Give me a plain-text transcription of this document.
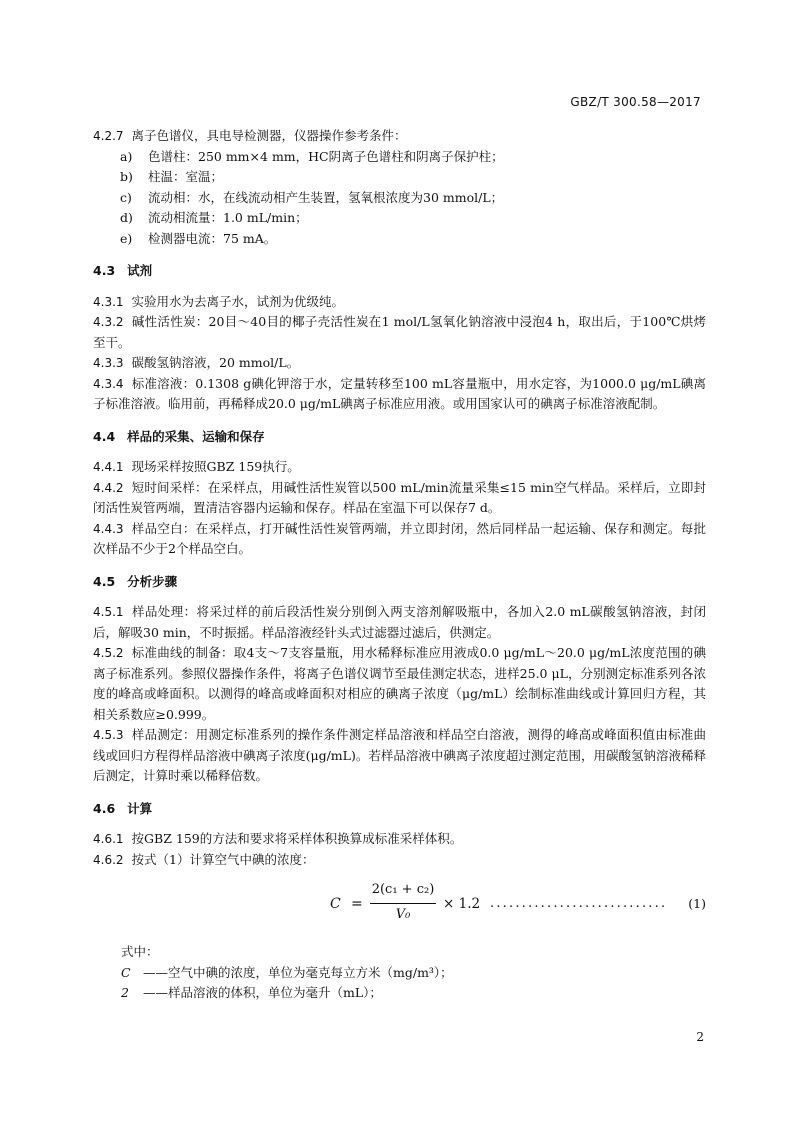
GBZ/T 300.58—2017

4.2.7 离子色谱仪，具电导检测器，仪器操作参考条件：

a) 色谱柱：250 mm×4 mm，HC阴离子色谱柱和阴离子保护柱；

b) 柱温：室温；

c) 流动相：水，在线流动相产生装置，氢氧根浓度为30 mmol/L；

d) 流动相流量：1.0 mL/min；

e) 检测器电流：75 mA。

4.3 试剂

4.3.1 实验用水为去离子水，试剂为优级纯。

4.3.2 碱性活性炭：20目～40目的椰子壳活性炭在1 mol/L氢氧化钠溶液中浸泡4 h，取出后，于100℃烘烤至干。

4.3.3 碳酸氢钠溶液，20 mmol/L。

4.3.4 标准溶液：0.1308 g碘化钾溶于水，定量转移至100 mL容量瓶中，用水定容，为1000.0 μg/mL碘离子标准溶液。临用前，再稀释成20.0 μg/mL碘离子标准应用液。或用国家认可的碘离子标准溶液配制。

4.4 样品的采集、运输和保存

4.4.1 现场采样按照GBZ 159执行。

4.4.2 短时间采样：在采样点，用碱性活性炭管以500 mL/min流量采集≤15 min空气样品。采样后，立即封闭活性炭管两端，置清洁容器内运输和保存。样品在室温下可以保存7 d。

4.4.3 样品空白：在采样点，打开碱性活性炭管两端，并立即封闭，然后同样品一起运输、保存和测定。每批次样品不少于2个样品空白。

4.5 分析步骤

4.5.1 样品处理：将采过样的前后段活性炭分别倒入两支溶剂解吸瓶中，各加入2.0 mL碳酸氢钠溶液，封闭后，解吸30 min，不时振摇。样品溶液经针头式过滤器过滤后，供测定。

4.5.2 标准曲线的制备：取4支～7支容量瓶，用水稀释标准应用液成0.0 μg/mL～20.0 μg/mL浓度范围的碘离子标准系列。参照仪器操作条件，将离子色谱仪调节至最佳测定状态，进样25.0 μL，分别测定标准系列各浓度的峰高或峰面积。以测得的峰高或峰面积对相应的碘离子浓度（μg/mL）绘制标准曲线或计算回归方程，其相关系数应≥0.999。

4.5.3 样品测定：用测定标准系列的操作条件测定样品溶液和样品空白溶液，测得的峰高或峰面积值由标准曲线或回归方程得样品溶液中碘离子浓度(μg/mL)。若样品溶液中碘离子浓度超过测定范围，用碳酸氢钠溶液稀释后测定，计算时乘以稀释倍数。

4.6 计算

4.6.1 按GBZ 159的方法和要求将采样体积换算成标准采样体积。

4.6.2 按式（1）计算空气中碘的浓度：

$C = \frac{\text{2(c₁ + c₂)}}{\text{V₀}} \times 1.2$ ............................ (1)

式中：

C ——空气中碘的浓度，单位为毫克每立方米（mg/m³）；

2 ——样品溶液的体积，单位为毫升（mL）；

2
